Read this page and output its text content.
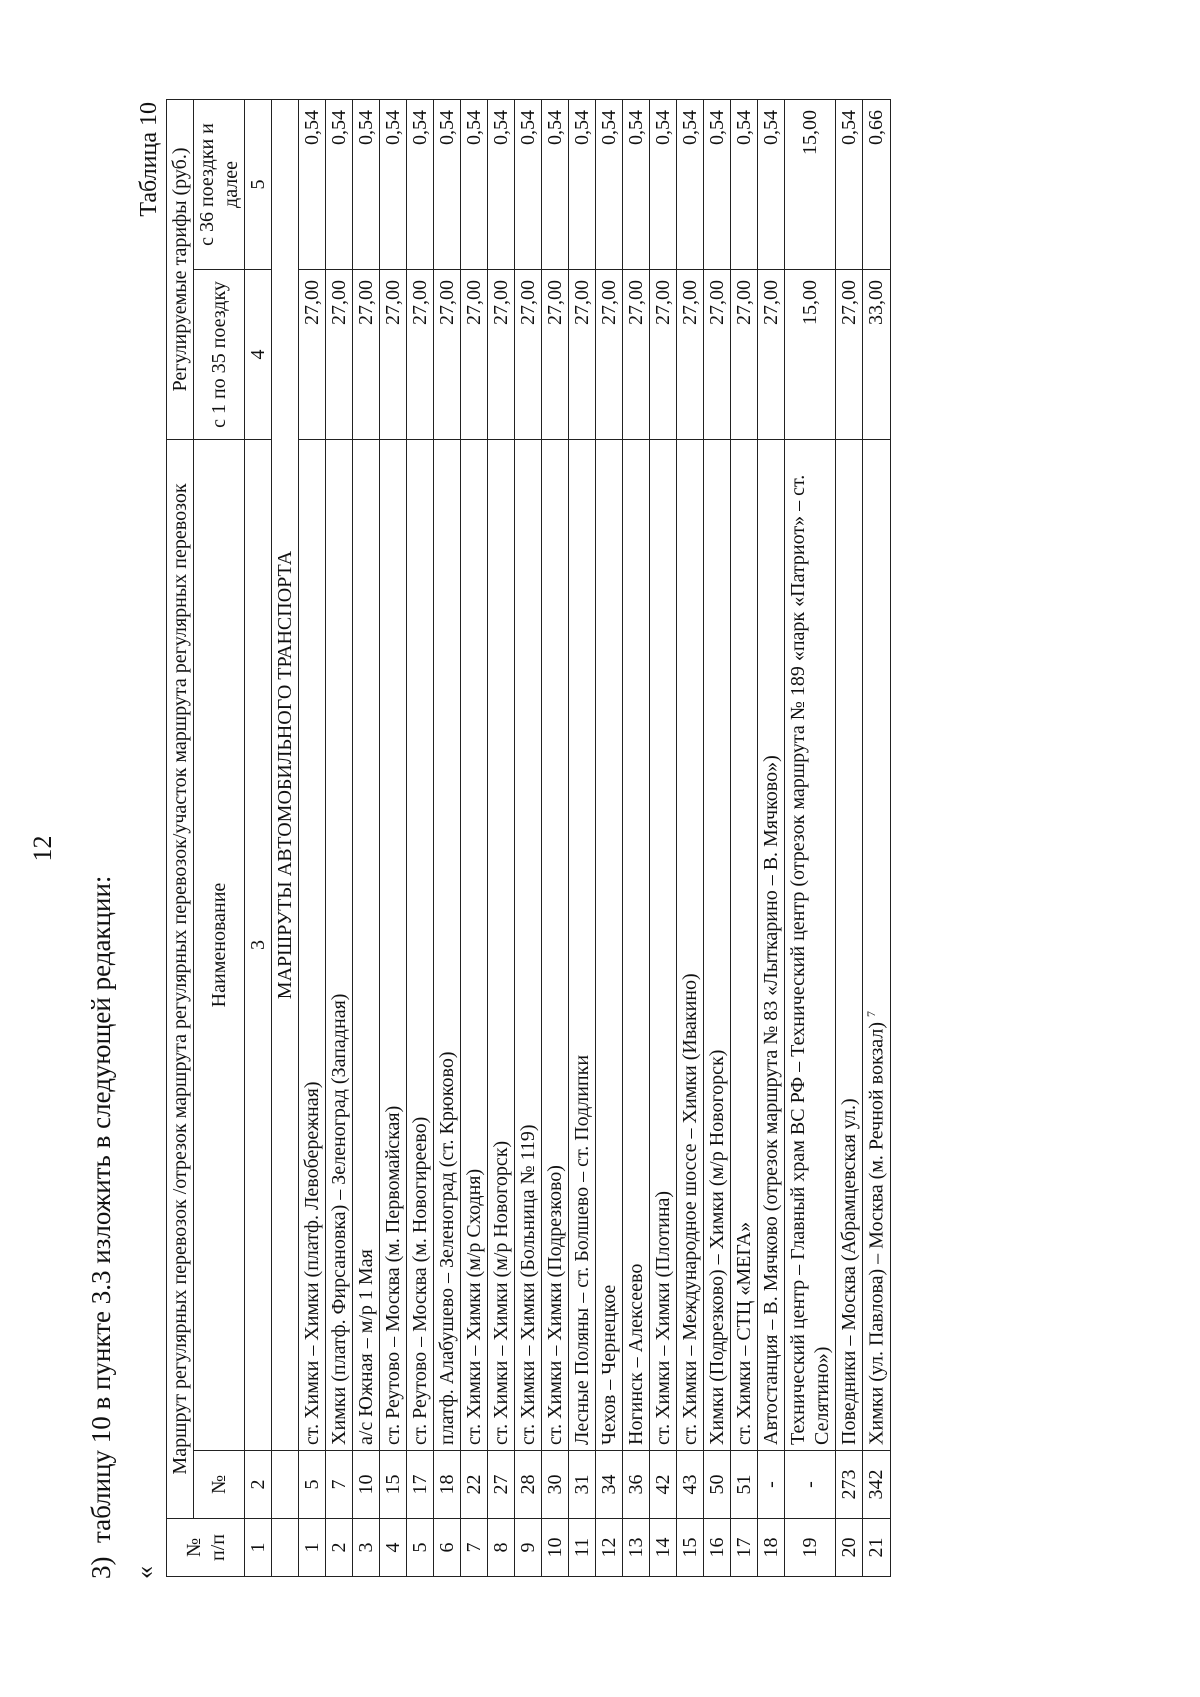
12
3)  таблицу 10 в пункте 3.3 изложить в следующей редакции: «
Таблица 10
№
п/п	Маршрут регулярных перевозок /отрезок маршрута регулярных перевозок/участок маршрута регулярных перевозок		Регулируемые тарифы (руб.)	
	№	Наименование	с 1 по 35 поездку	с 36 поездки и далее
1	2	3	4	5
		МАРШРУТЫ АВТОМОБИЛЬНОГО ТРАНСПОРТА		
1	5	ст. Химки – Химки (платф. Левобережная)	27,00	0,54
2	7	Химки (платф. Фирсановка) – Зеленоград (Западная)	27,00	0,54
3	10	а/с Южная – м/р 1 Мая	27,00	0,54
4	15	ст. Реутово – Москва (м. Первомайская)	27,00	0,54
5	17	ст. Реутово – Москва (м. Новогиреево)	27,00	0,54
6	18	платф. Алабушево – Зеленоград (ст. Крюково)	27,00	0,54
7	22	ст. Химки – Химки (м/р Сходня)	27,00	0,54
8	27	ст. Химки – Химки (м/р Новогорск)	27,00	0,54
9	28	ст. Химки – Химки (Больница № 119)	27,00	0,54
10	30	ст. Химки – Химки (Подрезково)	27,00	0,54
11	31	Лесные Поляны – ст. Болшево – ст. Подлипки	27,00	0,54
12	34	Чехов – Чернецкое	27,00	0,54
13	36	Ногинск – Алексеево	27,00	0,54
14	42	ст. Химки – Химки (Плотина)	27,00	0,54
15	43	ст. Химки – Международное шоссе – Химки (Ивакино)	27,00	0,54
16	50	Химки (Подрезково) – Химки (м/р Новогорск)	27,00	0,54
17	51	ст. Химки – СТЦ «МЕГА»	27,00	0,54
18	-	Автостанция – В. Мячково (отрезок маршрута № 83 «Лыткарино – В. Мячково»)	27,00	0,54
19	-	Технический центр – Главный храм ВС РФ – Технический центр (отрезок маршрута № 189 «парк «Патриот» – ст. Селятино»)	15,00	15,00
20	273	Поведники – Москва (Абрамцевская ул.)	27,00	0,54
21	342	Химки (ул. Павлова) – Москва (м. Речной вокзал) $^7$	33,00	0,66
